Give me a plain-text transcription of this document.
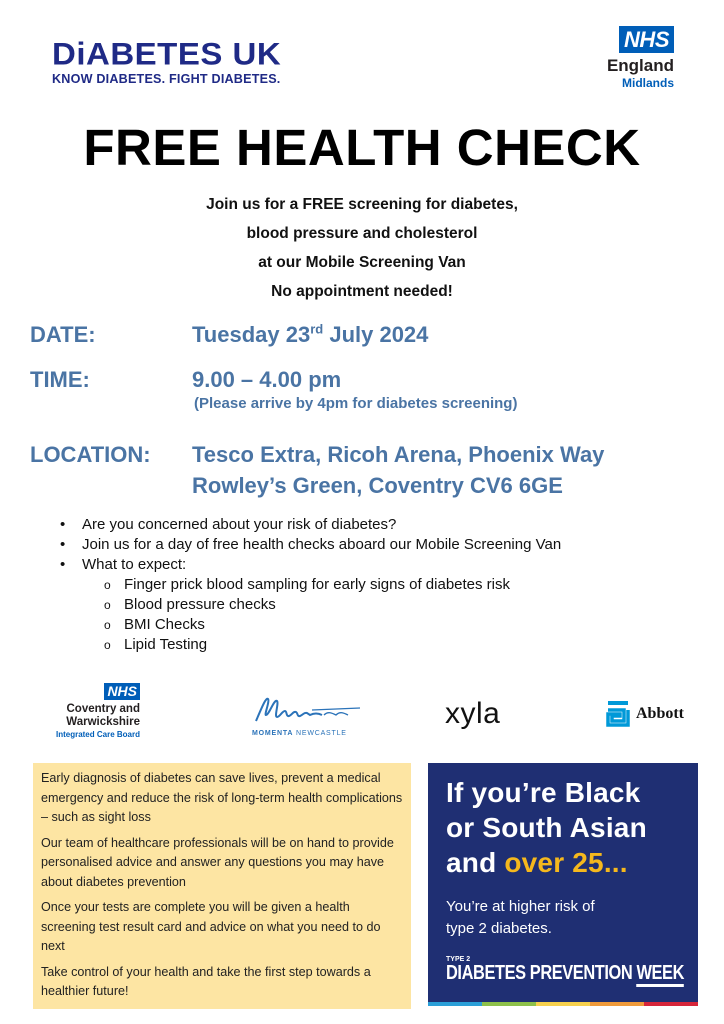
DiABETES UK
KNOW DIABETES. FIGHT DIABETES.
NHS
England
Midlands
FREE HEALTH CHECK
Join us for a FREE screening for diabetes,
blood pressure and cholesterol
at our Mobile Screening Van
No appointment needed!
DATE:	Tuesday 23rd July 2024
TIME:	9.00 – 4.00 pm
(Please arrive by 4pm for diabetes screening)
LOCATION: Tesco Extra, Ricoh Arena, Phoenix Way
Rowley’s Green, Coventry CV6 6GE
• Are you concerned about your risk of diabetes?
• Join us for a day of free health checks aboard our Mobile Screening Van
• What to expect:
o Finger prick blood sampling for early signs of diabetes risk
o Blood pressure checks
o BMI Checks
o Lipid Testing
NHS
Coventry and
Warwickshire
Integrated Care Board	MOMENTA NEWCASTLE
xyla	Abbott

Early diagnosis of diabetes can save lives, prevent a medical emergency and reduce the risk of long-term health complications – such as sight loss

Our team of healthcare professionals will be on hand to provide personalised advice and answer any questions you may have about diabetes prevention

Once your tests are complete you will be given a health screening test result card and advice on what you need to do next

Take control of your health and take the first step towards a healthier future!

If you’re Black
or South Asian
and over 25...
You’re at higher risk of
type 2 diabetes.
TYPE 2
DIABETES PREVENTION WEEK
